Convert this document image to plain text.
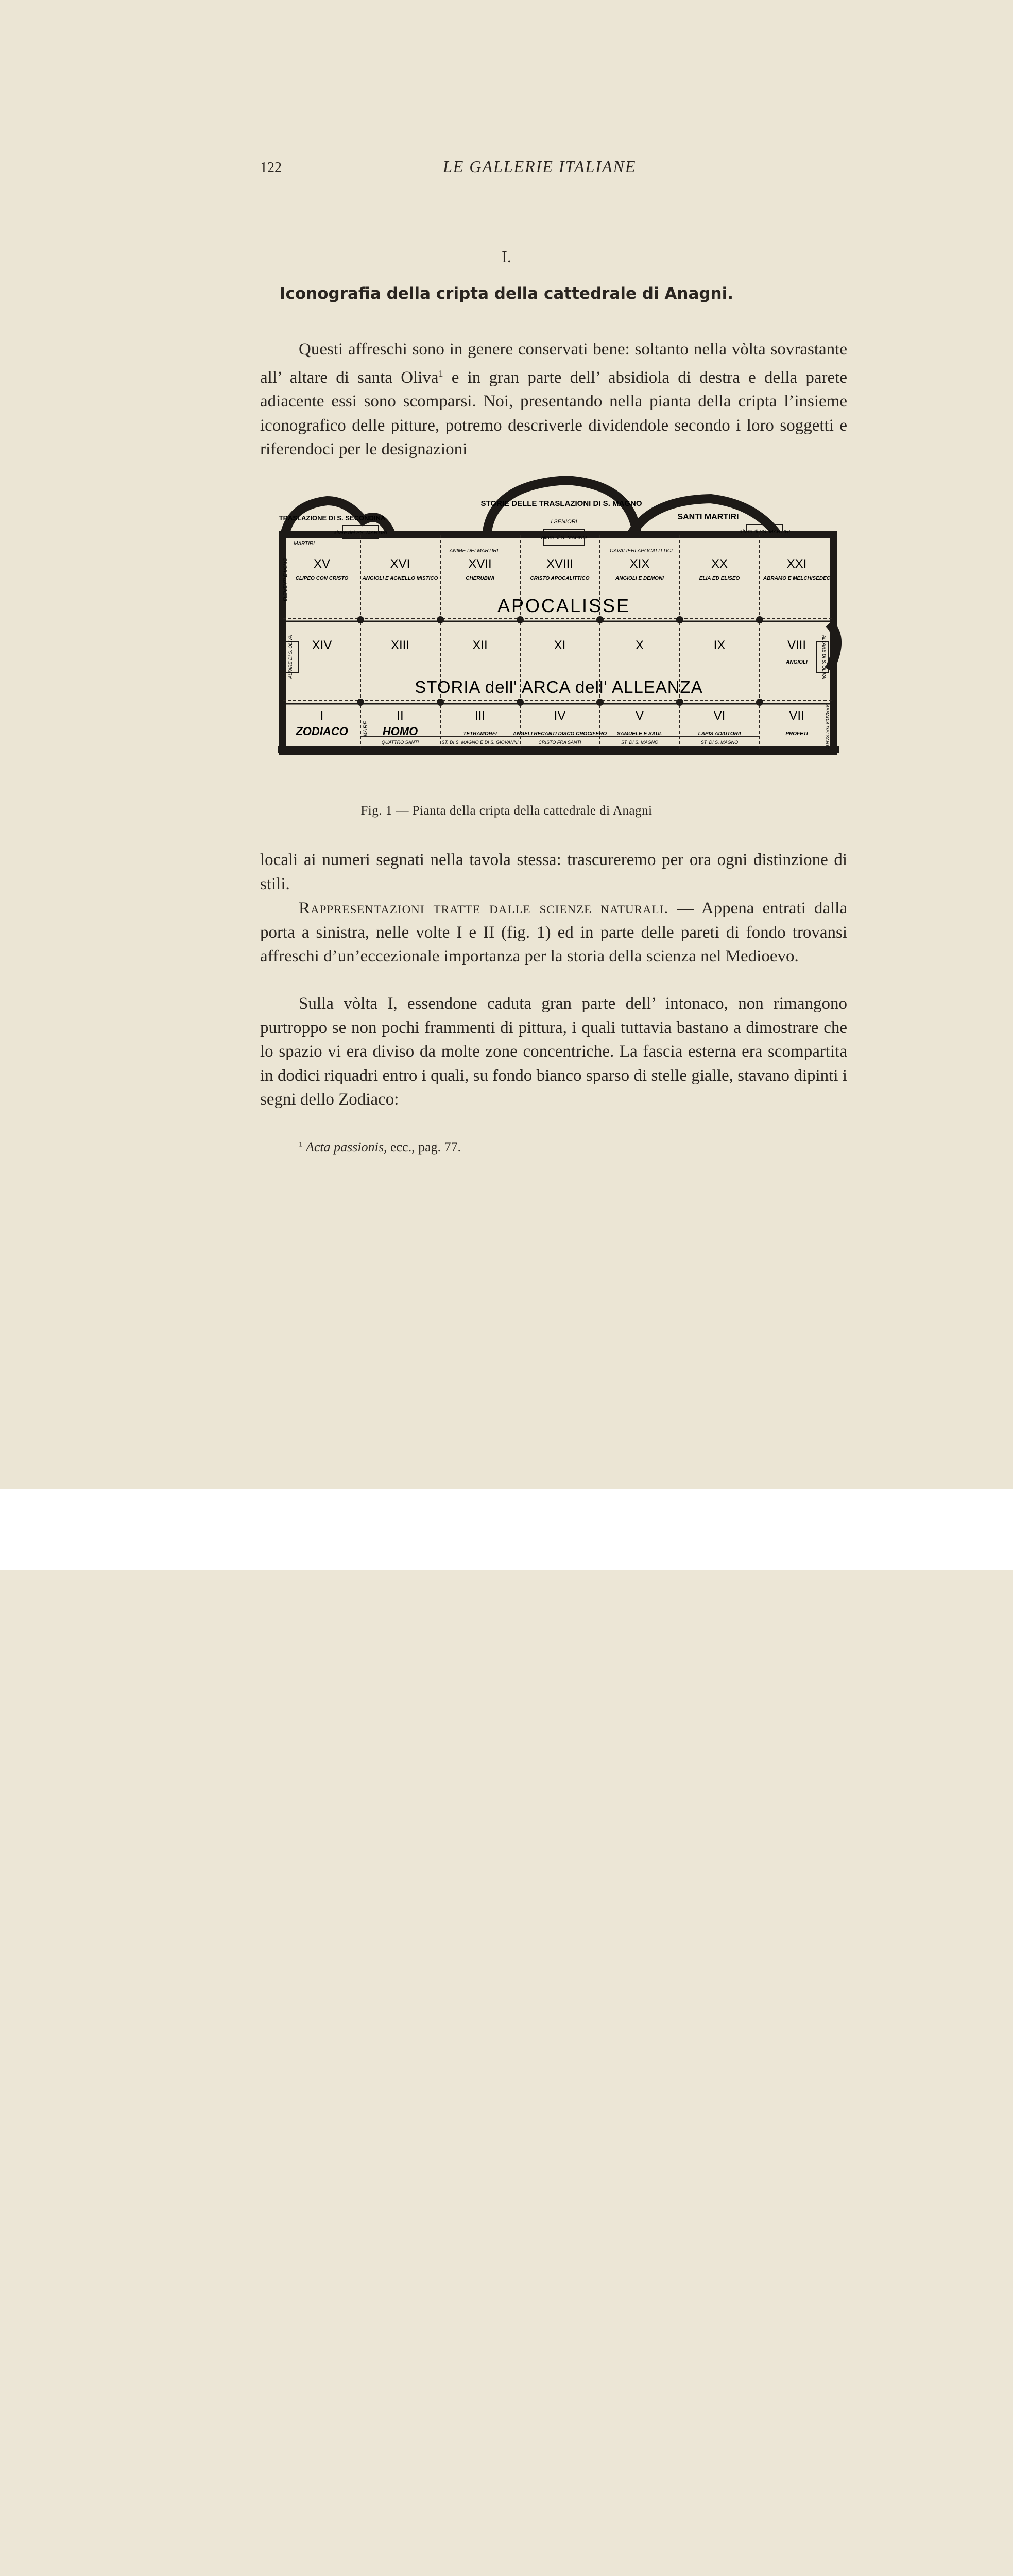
122	LE GALLERIE ITALIANE
I.
Iconografia della cripta della cattedrale di Anagni.

Questi affreschi sono in genere conservati bene: soltanto nella vòlta sovrastante all’ altare di santa Oliva$^1$ e in gran parte dell’ absidiola di destra e della parete adiacente essi sono scomparsi. Noi, presentando nella pianta della cripta l’insieme iconografico delle pitture, potremo descriverle dividendole secondo i loro soggetti e riferendoci per le designazioni

TRASLAZIONE DI S. SECONDINA
STORIE DELLE TRASLAZIONI DI S. MAGNO
SANTI MARTIRI
altare dei SS. MARTIRI
altare di S. MAGNO
altare di SS. MARTIRI
I SENIORI
MARTIRI
ANIME DEI MARTIRI	CAVALIERI APOCALITTICI
ELEMENTI E UOMO
ALTARE DI S. OLIVA	ALTARE DI S. OLIVA
ABBADIA DEI SANTI
MARE
XV
CLIPEO CON CRISTO
XVI
ANGIOLI E AGNELLO MISTICO
XVII
CHERUBINI
XVIII
CRISTO APOCALITTICO
XIX
ANGIOLI E DEMONI
XX
ELIA ED ELISEO
XXI
ABRAMO E MELCHISEDEC
XIV	XIII	XII	XI	X	IX	VIII
ANGIOLI
I
ZODIACO
II
HOMO
III
TETRAMORFI
IV
ANGELI RECANTI DISCO CROCIFERO
V
SAMUELE E SAUL
VI
LAPIS ADIUTORII
VII
PROFETI
APOCALISSE
STORIA dell' ARCA dell' ALLEANZA
QUATTRO SANTI	ST. DI S. MAGNO E DI S. GIOVANNI	CRISTO FRA SANTI	ST. DI S. MAGNO	ST. DI S. MAGNO
Fig. 1 — Pianta della cripta della cattedrale di Anagni

locali ai numeri segnati nella tavola stessa: trascureremo per ora ogni distinzione di stili.

Rappresentazioni tratte dalle scienze naturali. — Appena entrati dalla porta a sinistra, nelle volte I e II (fig. 1) ed in parte delle pareti di fondo trovansi affreschi d’un’eccezionale importanza per la storia della scienza nel Medioevo.

Sulla vòlta I, essendone caduta gran parte dell’ intonaco, non rimangono purtroppo se non pochi frammenti di pittura, i quali tuttavia bastano a dimostrare che lo spazio vi era diviso da molte zone concentriche. La fascia esterna era scompartita in dodici riquadri entro i quali, su fondo bianco sparso di stelle gialle, stavano dipinti i segni dello Zodiaco:

$^1$ Acta passionis, ecc., pag. 77.
